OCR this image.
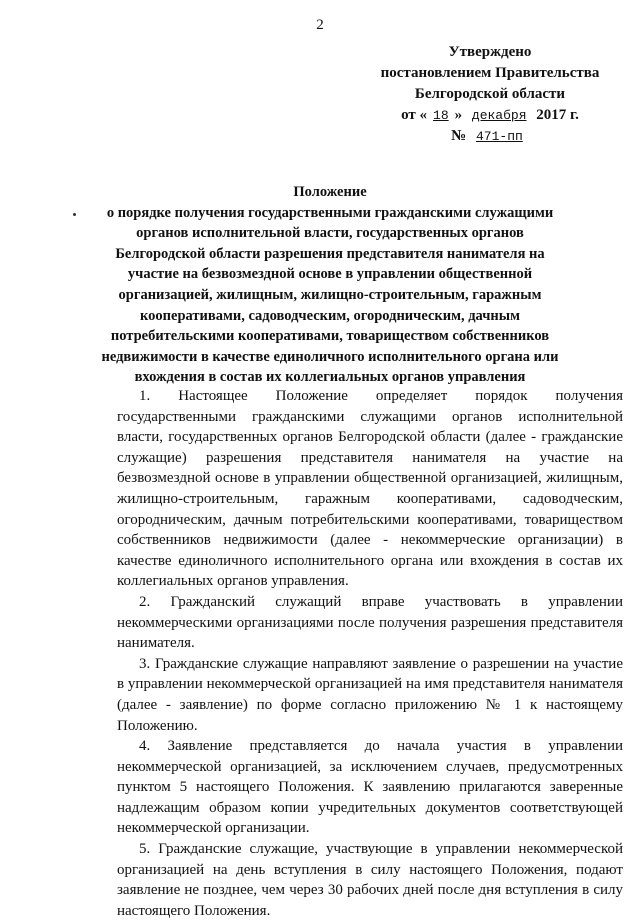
2
Утверждено
постановлением Правительства
Белгородской области
от « 18 » декабря 2017 г.
№ 471-пп
Положение
о порядке получения государственными гражданскими служащими органов исполнительной власти, государственных органов Белгородской области разрешения представителя нанимателя на участие на безвозмездной основе в управлении общественной организацией, жилищным, жилищно-строительным, гаражным кооперативами, садоводческим, огородническим, дачным потребительскими кооперативами, товариществом собственников недвижимости в качестве единоличного исполнительного органа или вхождения в состав их коллегиальных органов управления

1. Настоящее Положение определяет порядок получения государственными гражданскими служащими органов исполнительной власти, государственных органов Белгородской области (далее - гражданские служащие) разрешения представителя нанимателя на участие на безвозмездной основе в управлении общественной организацией, жилищным, жилищно-строительным, гаражным кооперативами, садоводческим, огородническим, дачным потребительскими кооперативами, товариществом собственников недвижимости (далее - некоммерческие организации) в качестве единоличного исполнительного органа или вхождения в состав их коллегиальных органов управления.

2. Гражданский служащий вправе участвовать в управлении некоммерческими организациями после получения разрешения представителя нанимателя.

3. Гражданские служащие направляют заявление о разрешении на участие в управлении некоммерческой организацией на имя представителя нанимателя (далее - заявление) по форме согласно приложению № 1 к настоящему Положению.

4. Заявление представляется до начала участия в управлении некоммерческой организацией, за исключением случаев, предусмотренных пунктом 5 настоящего Положения. К заявлению прилагаются заверенные надлежащим образом копии учредительных документов соответствующей некоммерческой организации.

5. Гражданские служащие, участвующие в управлении некоммерческой организацией на день вступления в силу настоящего Положения, подают заявление не позднее, чем через 30 рабочих дней после дня вступления в силу настоящего Положения.
